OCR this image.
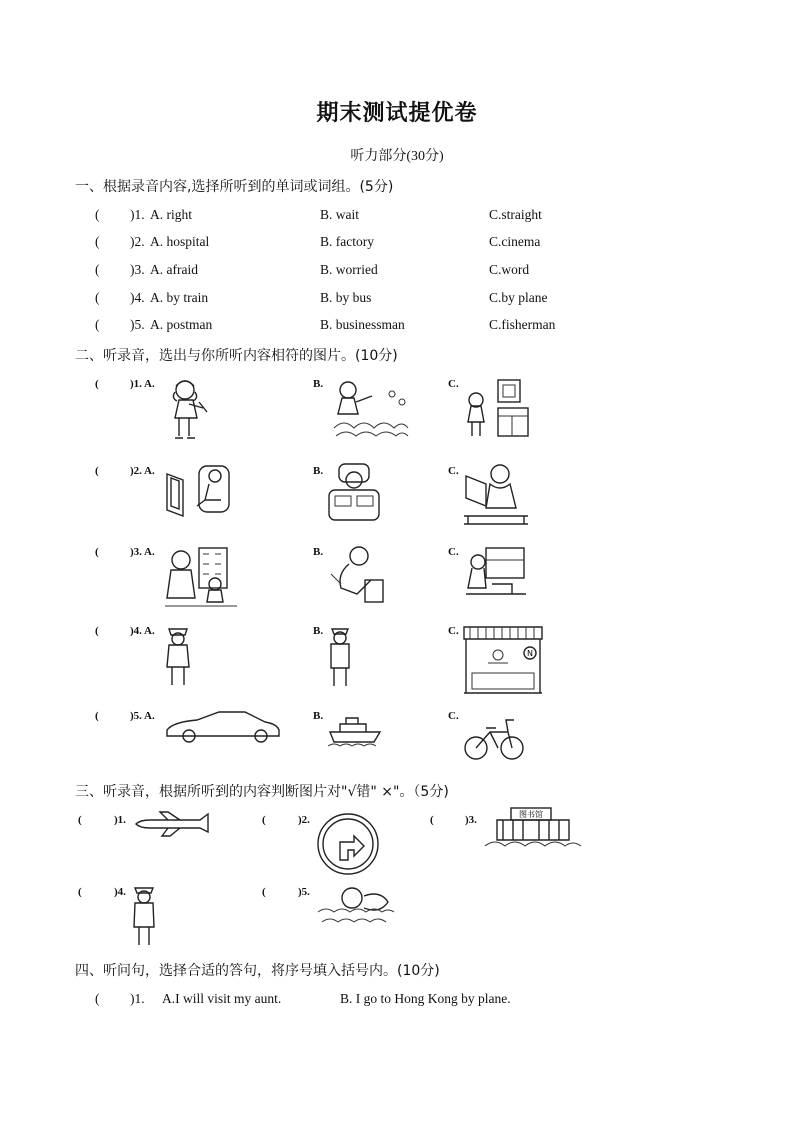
期末测试提优卷
听力部分(30分)
一、根据录音内容,选择所听到的单词或词组。(5分)
( )1. A. right	B. wait	C.straight
( )2. A. hospital	B. factory	C.cinema
( )3. A. afraid	B. worried	C.word
( )4. A. by train	B. by bus	C.by plane
( )5. A. postman	B. businessman	C.fisherman
二、听录音，选出与你所听内容相符的图片。(10分)
(	)1. A.	B.	C.
(	)2. A.	B.	C.
(	)3. A.	B.	C.
(	)4. A.	B.	C.
N
(	)5. A.	B.	C.
三、听录音，根据所听到的内容判断图片对"√错" ×"。（5分)
(	)1.	(	)2.	(	)3.	图书馆
(	)4.	(	)5.
四、听问句，选择合适的答句，将序号填入括号内。(10分)
( )1. A.I will visit my aunt.	B. I go to Hong Kong by plane.
